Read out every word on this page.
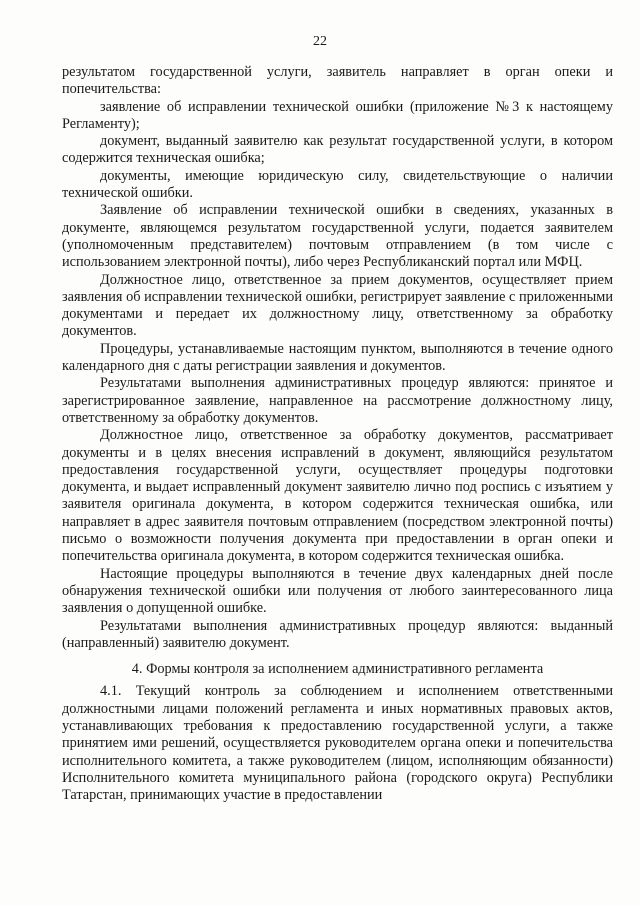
22

результатом государственной услуги, заявитель направляет в орган опеки и попечительства:

заявление об исправлении технической ошибки (приложение №3 к настоящему Регламенту);

документ, выданный заявителю как результат государственной услуги, в котором содержится техническая ошибка;

документы, имеющие юридическую силу, свидетельствующие о наличии технической ошибки.

Заявление об исправлении технической ошибки в сведениях, указанных в документе, являющемся результатом государственной услуги, подается заявителем (уполномоченным представителем) почтовым отправлением (в том числе с использованием электронной почты), либо через Республиканский портал или МФЦ.

Должностное лицо, ответственное за прием документов, осуществляет прием заявления об исправлении технической ошибки, регистрирует заявление с приложенными документами и передает их должностному лицу, ответственному за обработку документов.

Процедуры, устанавливаемые настоящим пунктом, выполняются в течение одного календарного дня с даты регистрации заявления и документов.

Результатами выполнения административных процедур являются: принятое и зарегистрированное заявление, направленное на рассмотрение должностному лицу, ответственному за обработку документов.

Должностное лицо, ответственное за обработку документов, рассматривает документы и в целях внесения исправлений в документ, являющийся результатом предоставления государственной услуги, осуществляет процедуры подготовки документа, и выдает исправленный документ заявителю лично под роспись с изъятием у заявителя оригинала документа, в котором содержится техническая ошибка, или направляет в адрес заявителя почтовым отправлением (посредством электронной почты) письмо о возможности получения документа при предоставлении в орган опеки и попечительства оригинала документа, в котором содержится техническая ошибка.

Настоящие процедуры выполняются в течение двух календарных дней после обнаружения технической ошибки или получения от любого заинтересованного лица заявления о допущенной ошибке.

Результатами выполнения административных процедур являются: выданный (направленный) заявителю документ.

4. Формы контроля за исполнением административного регламента

4.1. Текущий контроль за соблюдением и исполнением ответственными должностными лицами положений регламента и иных нормативных правовых актов, устанавливающих требования к предоставлению государственной услуги, а также принятием ими решений, осуществляется руководителем органа опеки и попечительства исполнительного комитета, а также руководителем (лицом, исполняющим обязанности) Исполнительного комитета муниципального района (городского округа) Республики Татарстан, принимающих участие в предоставлении
